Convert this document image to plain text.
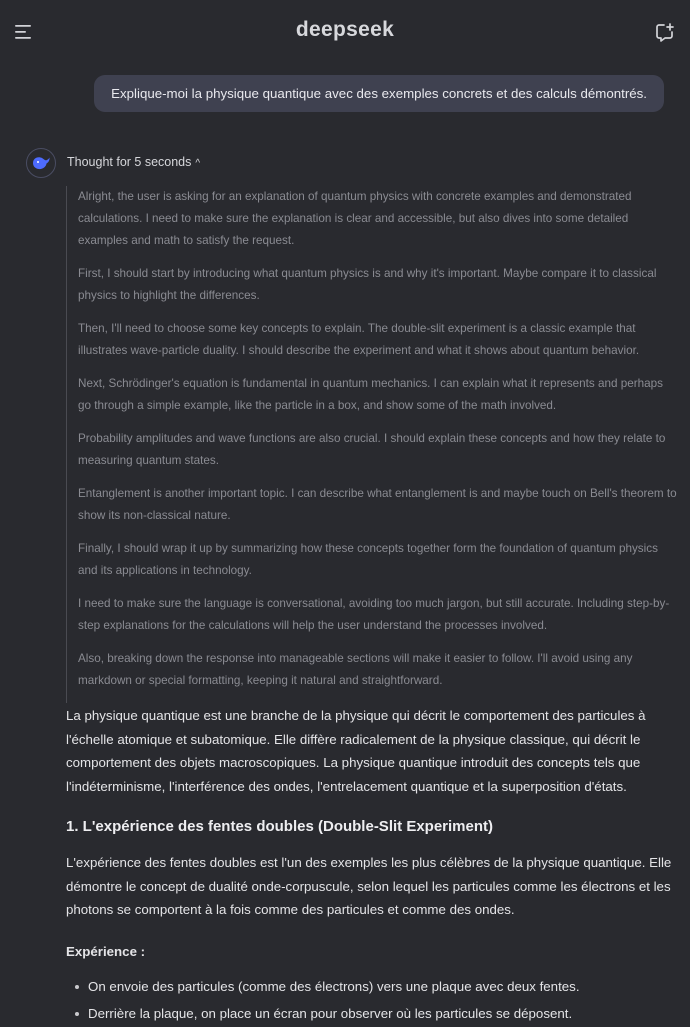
deepseek
Explique-moi la physique quantique avec des exemples concrets et des calculs démontrés.
Thought for 5 seconds ^

Alright, the user is asking for an explanation of quantum physics with concrete examples and demonstrated calculations. I need to make sure the explanation is clear and accessible, but also dives into some detailed examples and math to satisfy the request.

First, I should start by introducing what quantum physics is and why it's important. Maybe compare it to classical physics to highlight the differences.

Then, I'll need to choose some key concepts to explain. The double-slit experiment is a classic example that illustrates wave-particle duality. I should describe the experiment and what it shows about quantum behavior.

Next, Schrödinger's equation is fundamental in quantum mechanics. I can explain what it represents and perhaps go through a simple example, like the particle in a box, and show some of the math involved.

Probability amplitudes and wave functions are also crucial. I should explain these concepts and how they relate to measuring quantum states.

Entanglement is another important topic. I can describe what entanglement is and maybe touch on Bell's theorem to show its non-classical nature.

Finally, I should wrap it up by summarizing how these concepts together form the foundation of quantum physics and its applications in technology.

I need to make sure the language is conversational, avoiding too much jargon, but still accurate. Including step-by-step explanations for the calculations will help the user understand the processes involved.

Also, breaking down the response into manageable sections will make it easier to follow. I'll avoid using any markdown or special formatting, keeping it natural and straightforward.

La physique quantique est une branche de la physique qui décrit le comportement des particules à l'échelle atomique et subatomique. Elle diffère radicalement de la physique classique, qui décrit le comportement des objets macroscopiques. La physique quantique introduit des concepts tels que l'indéterminisme, l'interférence des ondes, l'entrelacement quantique et la superposition d'états.

1. L'expérience des fentes doubles (Double-Slit Experiment)

L'expérience des fentes doubles est l'un des exemples les plus célèbres de la physique quantique. Elle démontre le concept de dualité onde-corpuscule, selon lequel les particules comme les électrons et les photons se comportent à la fois comme des particules et comme des ondes.

Expérience :

On envoie des particules (comme des électrons) vers une plaque avec deux fentes.
Derrière la plaque, on place un écran pour observer où les particules se déposent.
